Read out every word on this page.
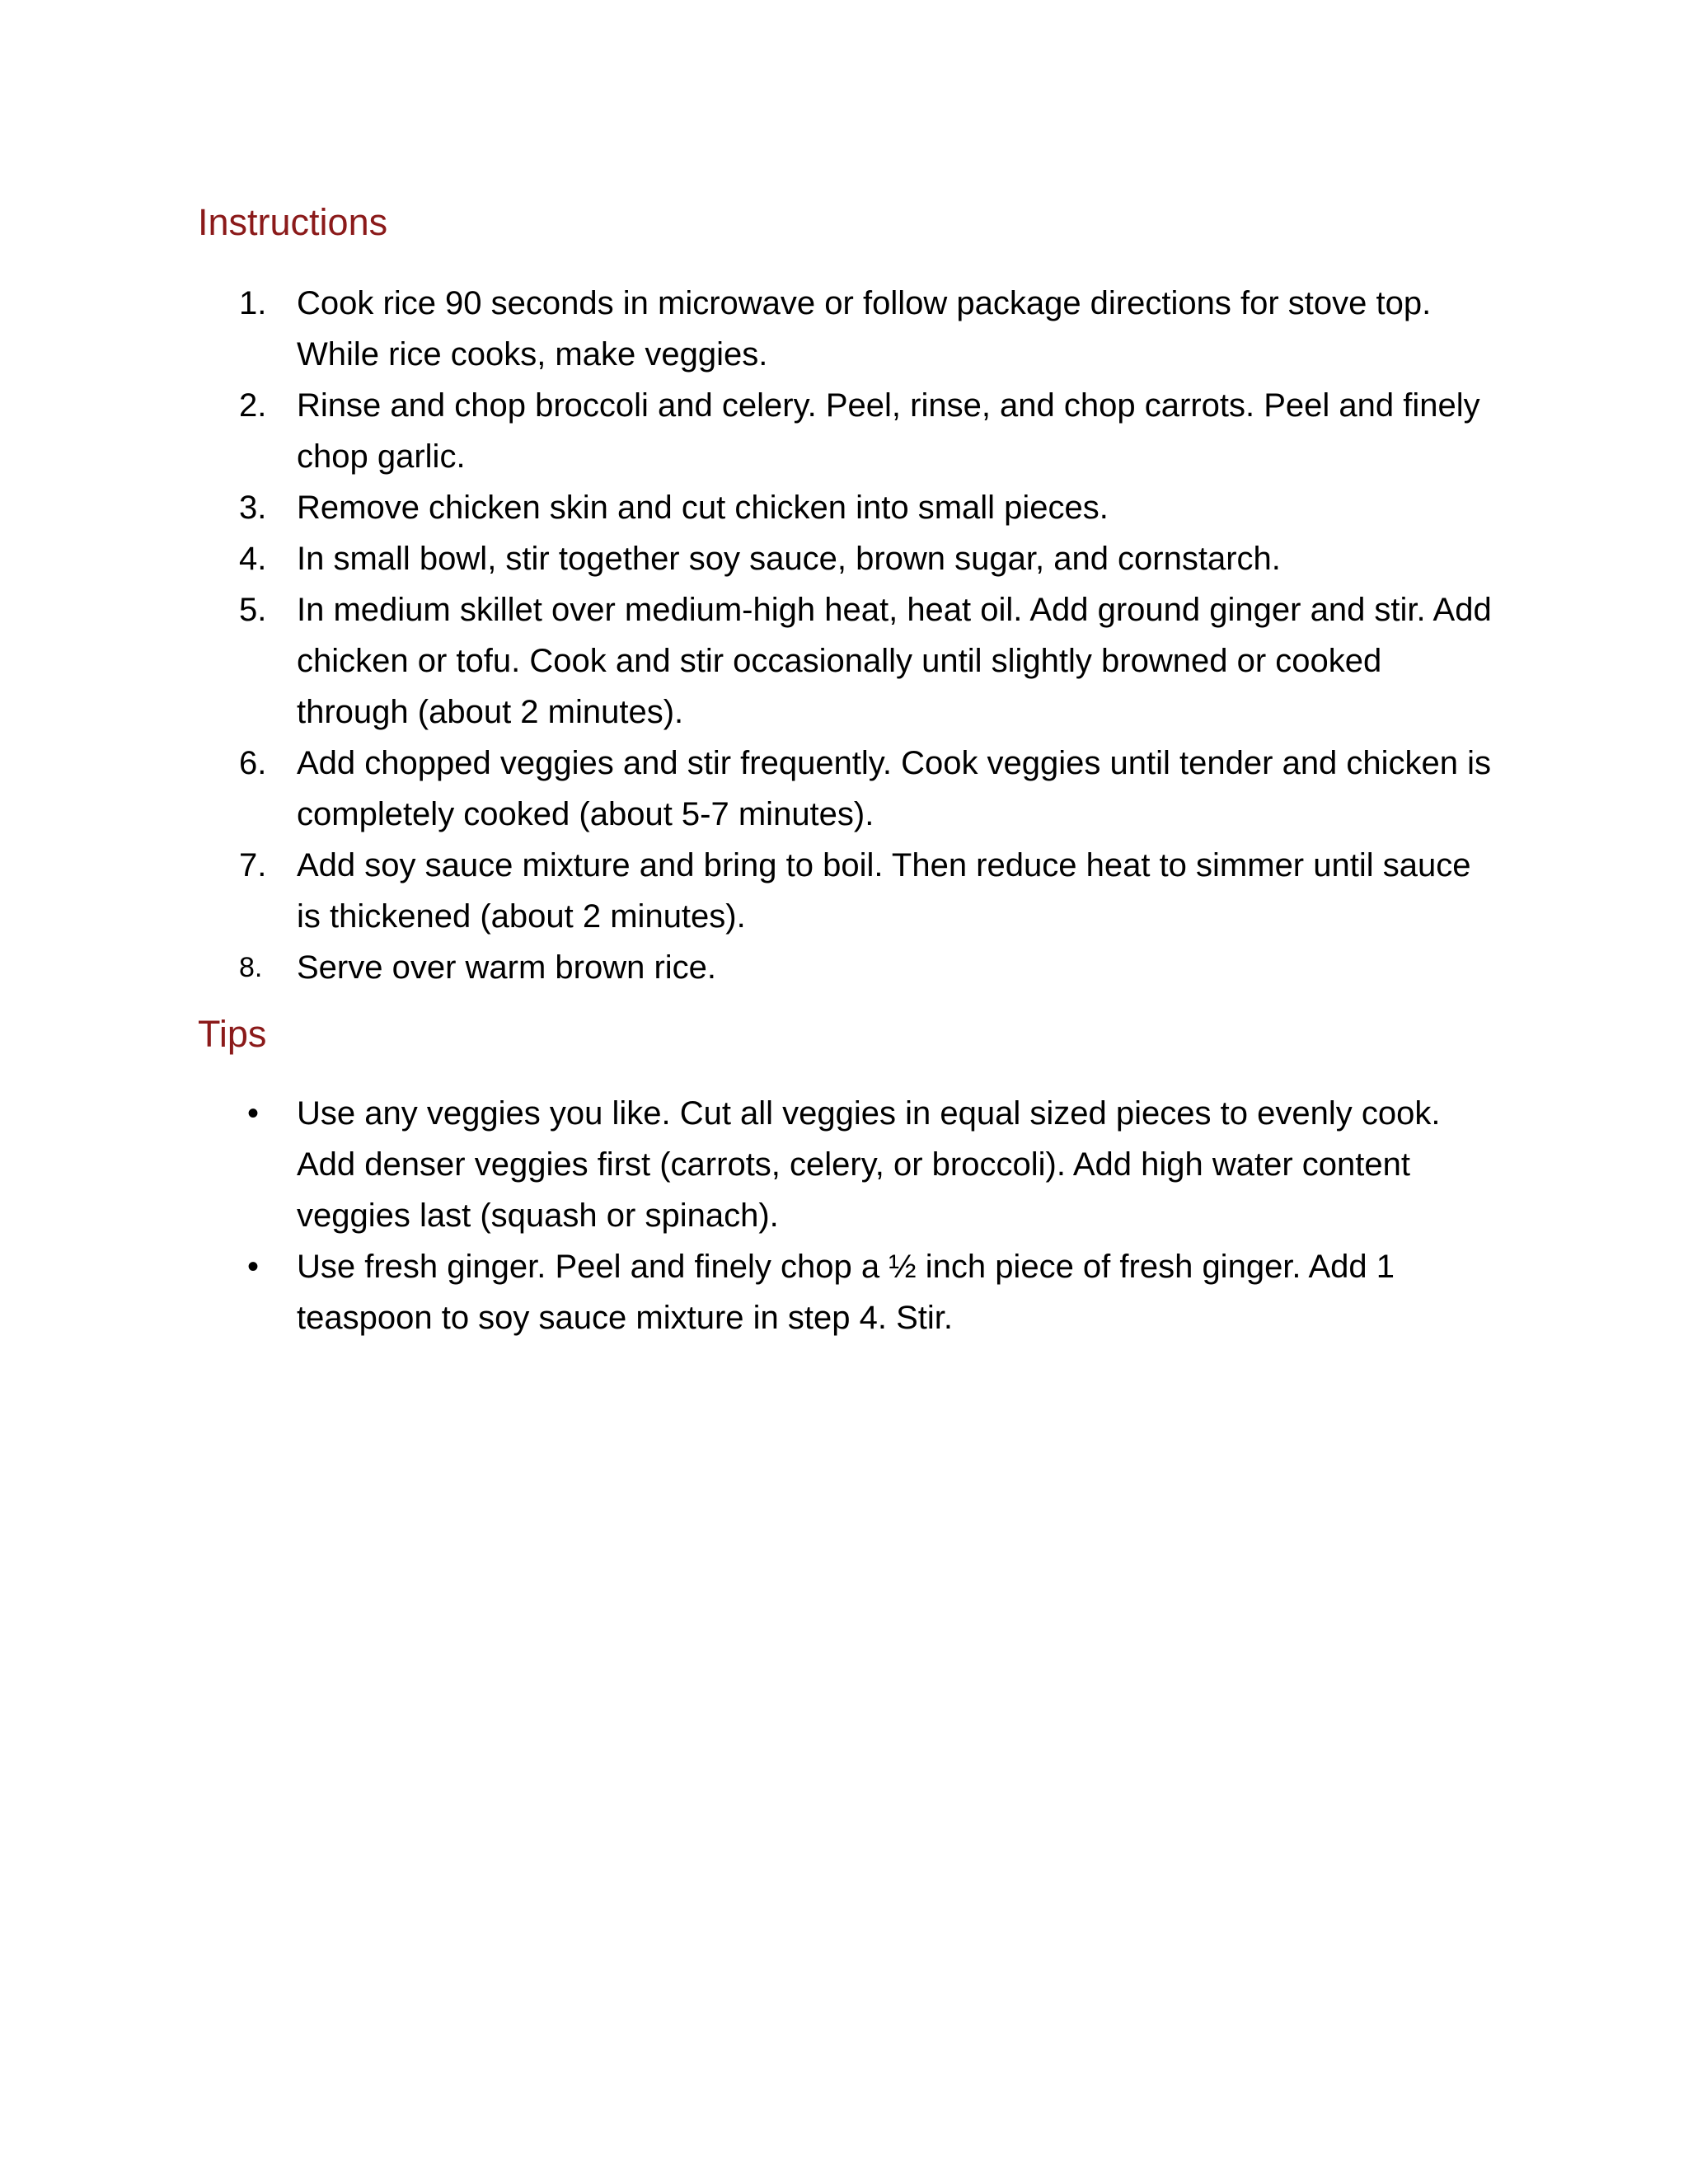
Instructions
1. Cook rice 90 seconds in microwave or follow package directions for stove top. While rice cooks, make veggies.
2. Rinse and chop broccoli and celery. Peel, rinse, and chop carrots. Peel and finely chop garlic.
3. Remove chicken skin and cut chicken into small pieces.
4. In small bowl, stir together soy sauce, brown sugar, and cornstarch.
5. In medium skillet over medium-high heat, heat oil. Add ground ginger and stir. Add chicken or tofu. Cook and stir occasionally until slightly browned or cooked through (about 2 minutes).
6. Add chopped veggies and stir frequently. Cook veggies until tender and chicken is completely cooked (about 5-7 minutes).
7. Add soy sauce mixture and bring to boil. Then reduce heat to simmer until sauce is thickened (about 2 minutes).
8.	Serve over warm brown rice.
Tips
• Use any veggies you like. Cut all veggies in equal sized pieces to evenly cook. Add denser veggies first (carrots, celery, or broccoli). Add high water content veggies last (squash or spinach).
• Use fresh ginger. Peel and finely chop a ½ inch piece of fresh ginger. Add 1 teaspoon to soy sauce mixture in step 4. Stir.
